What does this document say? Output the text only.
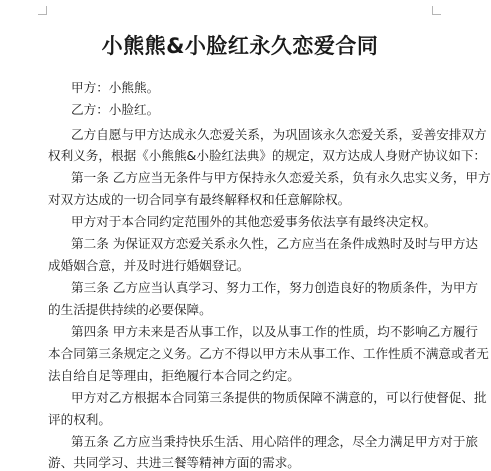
小熊熊&小脸红永久恋爱合同
甲方：小熊熊。
乙方：小脸红。
乙方自愿与甲方达成永久恋爱关系，为巩固该永久恋爱关系，妥善安排双方
权利义务，根据《小熊熊&小脸红法典》的规定，双方达成人身财产协议如下：
第一条 乙方应当无条件与甲方保持永久恋爱关系，负有永久忠实义务，甲方
对双方达成的一切合同享有最终解释权和任意解除权。
甲方对于本合同约定范围外的其他恋爱事务依法享有最终决定权。
第二条 为保证双方恋爱关系永久性，乙方应当在条件成熟时及时与甲方达
成婚姻合意，并及时进行婚姻登记。
第三条 乙方应当认真学习、努力工作，努力创造良好的物质条件，为甲方
的生活提供持续的必要保障。
第四条 甲方未来是否从事工作，以及从事工作的性质，均不影响乙方履行
本合同第三条规定之义务。乙方不得以甲方未从事工作、工作性质不满意或者无
法自给自足等理由，拒绝履行本合同之约定。
甲方对乙方根据本合同第三条提供的物质保障不满意的，可以行使督促、批
评的权利。
第五条 乙方应当秉持快乐生活、用心陪伴的理念，尽全力满足甲方对于旅
游、共同学习、共进三餐等精神方面的需求。
